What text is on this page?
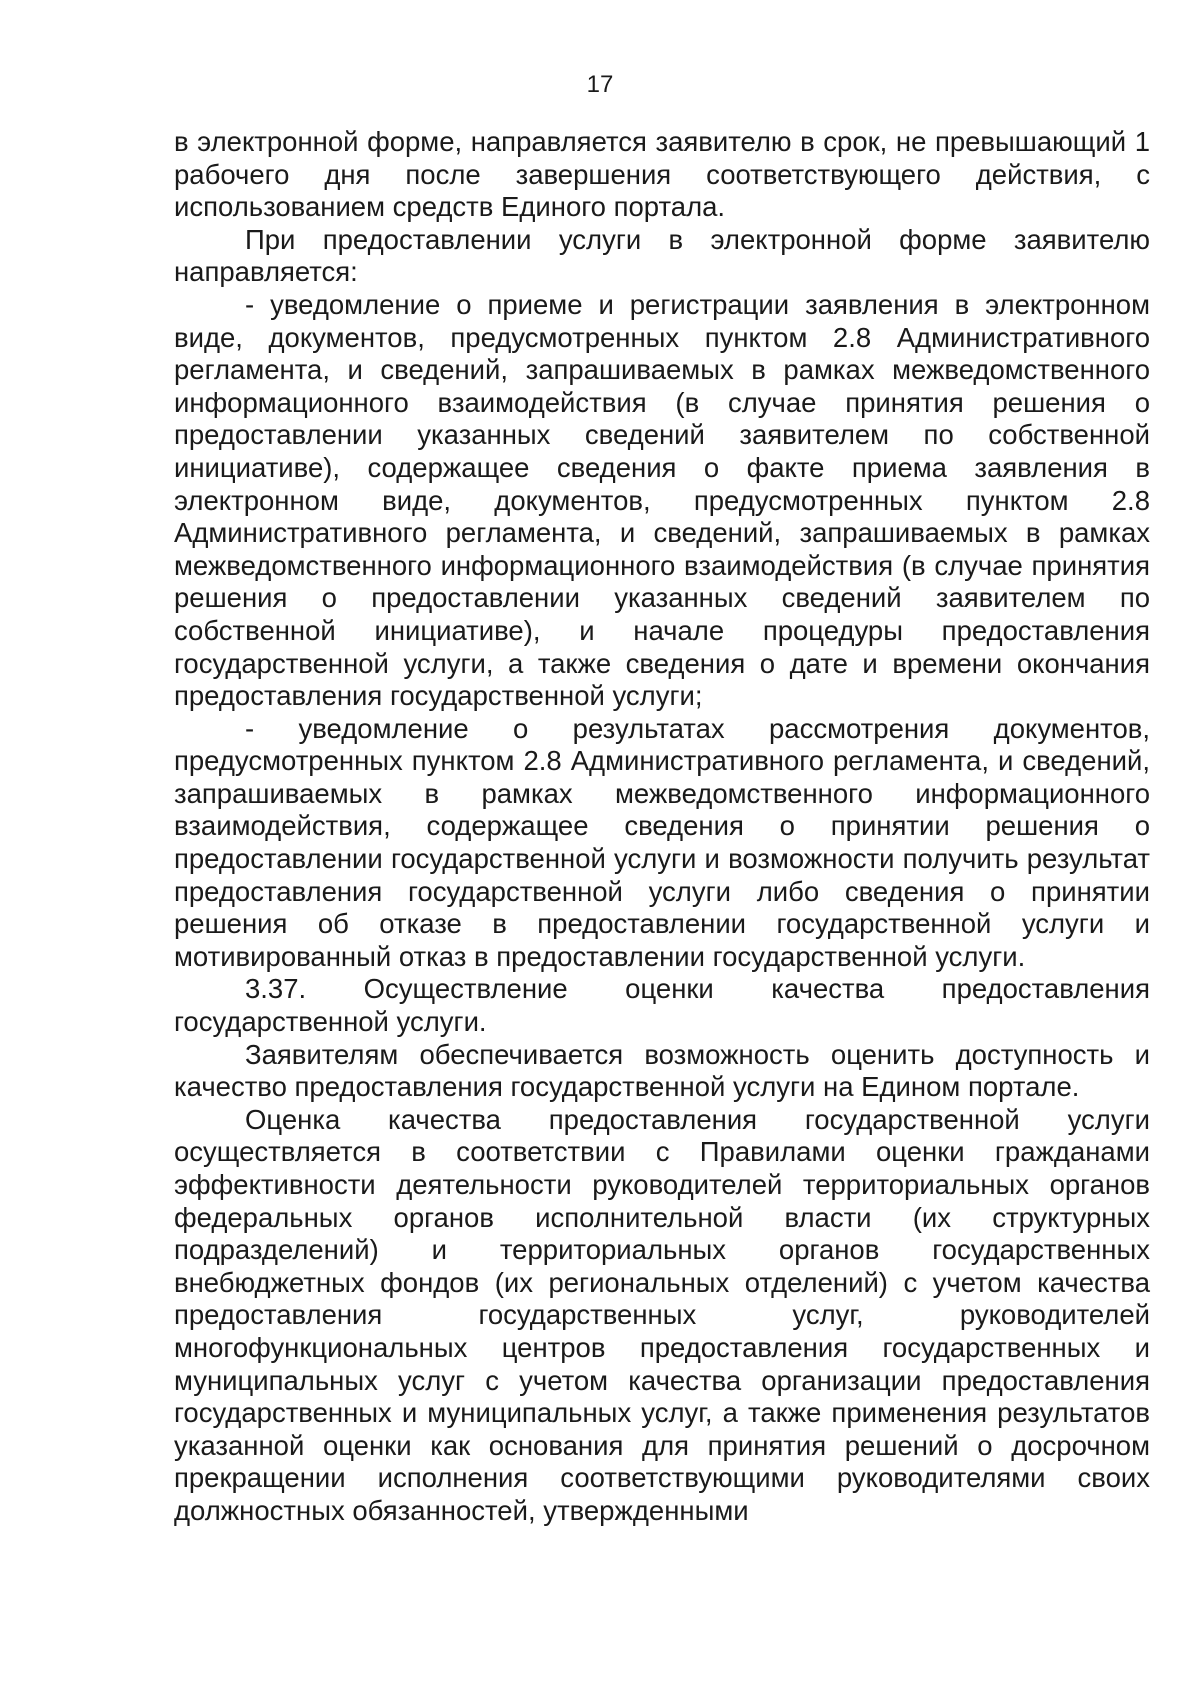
17

в электронной форме, направляется заявителю в срок, не превышающий 1 рабочего дня после завершения соответствующего действия, с использованием средств Единого портала.

При предоставлении услуги в электронной форме заявителю направляется:

- уведомление о приеме и регистрации заявления в электронном виде, документов, предусмотренных пунктом 2.8 Административного регламента, и сведений, запрашиваемых в рамках межведомственного информационного взаимодействия (в случае принятия решения о предоставлении указанных сведений заявителем по собственной инициативе), содержащее сведения о факте приема заявления в электронном виде, документов, предусмотренных пунктом 2.8 Административного регламента, и сведений, запрашиваемых в рамках межведомственного информационного взаимодействия (в случае принятия решения о предоставлении указанных сведений заявителем по собственной инициативе), и начале процедуры предоставления государственной услуги, а также сведения о дате и времени окончания предоставления государственной услуги;

- уведомление о результатах рассмотрения документов, предусмотренных пунктом 2.8 Административного регламента, и сведений, запрашиваемых в рамках межведомственного информационного взаимодействия, содержащее сведения о принятии решения о предоставлении государственной услуги и возможности получить результат предоставления государственной услуги либо сведения о принятии решения об отказе в предоставлении государственной услуги и мотивированный отказ в предоставлении государственной услуги.

3.37. Осуществление оценки качества предоставления государственной услуги.

Заявителям обеспечивается возможность оценить доступность и качество предоставления государственной услуги на Едином портале.

Оценка качества предоставления государственной услуги осуществляется в соответствии с Правилами оценки гражданами эффективности деятельности руководителей территориальных органов федеральных органов исполнительной власти (их структурных подразделений) и территориальных органов государственных внебюджетных фондов (их региональных отделений) с учетом качества предоставления государственных услуг, руководителей многофункциональных центров предоставления государственных и муниципальных услуг с учетом качества организации предоставления государственных и муниципальных услуг, а также применения результатов указанной оценки как основания для принятия решений о досрочном прекращении исполнения соответствующими руководителями своих должностных обязанностей, утвержденными
